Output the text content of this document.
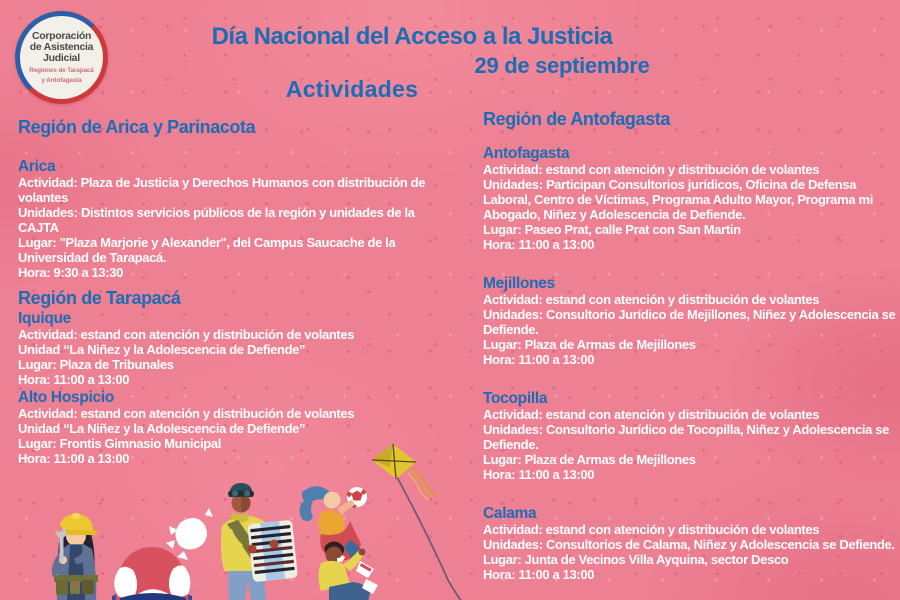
Corporación
de Asistencia
Judicial
Regiones de Tarapacá
y Antofagasta
Día Nacional del Acceso a la Justicia
29 de septiembre
Actividades
Región de Arica y Parinacota
Arica

Actividad: Plaza de Justicia y Derechos Humanos con distribución de volantes

Unidades: Distintos servicios públicos de la región y unidades de la CAJTA

Lugar: "Plaza Marjorie y Alexander", del Campus Saucache de la Universidad de Tarapacá.

Hora: 9:30 a 13:30

Región de Tarapacá
Iquique

Actividad: estand con atención y distribución de volantes

Unidad “La Niñez y la Adolescencia de Defiende”

Lugar: Plaza de Tribunales

Hora: 11:00 a 13:00

Alto Hospicio

Actividad: estand con atención y distribución de volantes

Unidad “La Niñez y la Adolescencia de Defiende”

Lugar: Frontis Gimnasio Municipal

Hora: 11:00 a 13:00

Región de Antofagasta
Antofagasta

Actividad: estand con atención y distribución de volantes

Unidades: Participan Consultorios jurídicos, Oficina de Defensa Laboral, Centro de Víctimas, Programa Adulto Mayor, Programa mi Abogado, Niñez y Adolescencia de Defiende.

Lugar: Paseo Prat, calle Prat con San Martin

Hora: 11:00 a 13:00

Mejillones

Actividad: estand con atención y distribución de volantes

Unidades: Consultorio Jurídico de Mejillones, Niñez y Adolescencia se Defiende.

Lugar: Plaza de Armas de Mejillones

Hora: 11:00 a 13:00

Tocopilla

Actividad: estand con atención y distribución de volantes

Unidades: Consultorio Jurídico de Tocopilla, Niñez y Adolescencia se Defiende.

Lugar: Plaza de Armas de Mejillones

Hora: 11:00 a 13:00

Calama

Actividad: estand con atención y distribución de volantes

Unidades: Consultorios de Calama, Niñez y Adolescencia se Defiende.

Lugar: Junta de Vecinos Villa Ayquina, sector Desco

Hora: 11:00 a 13:00
